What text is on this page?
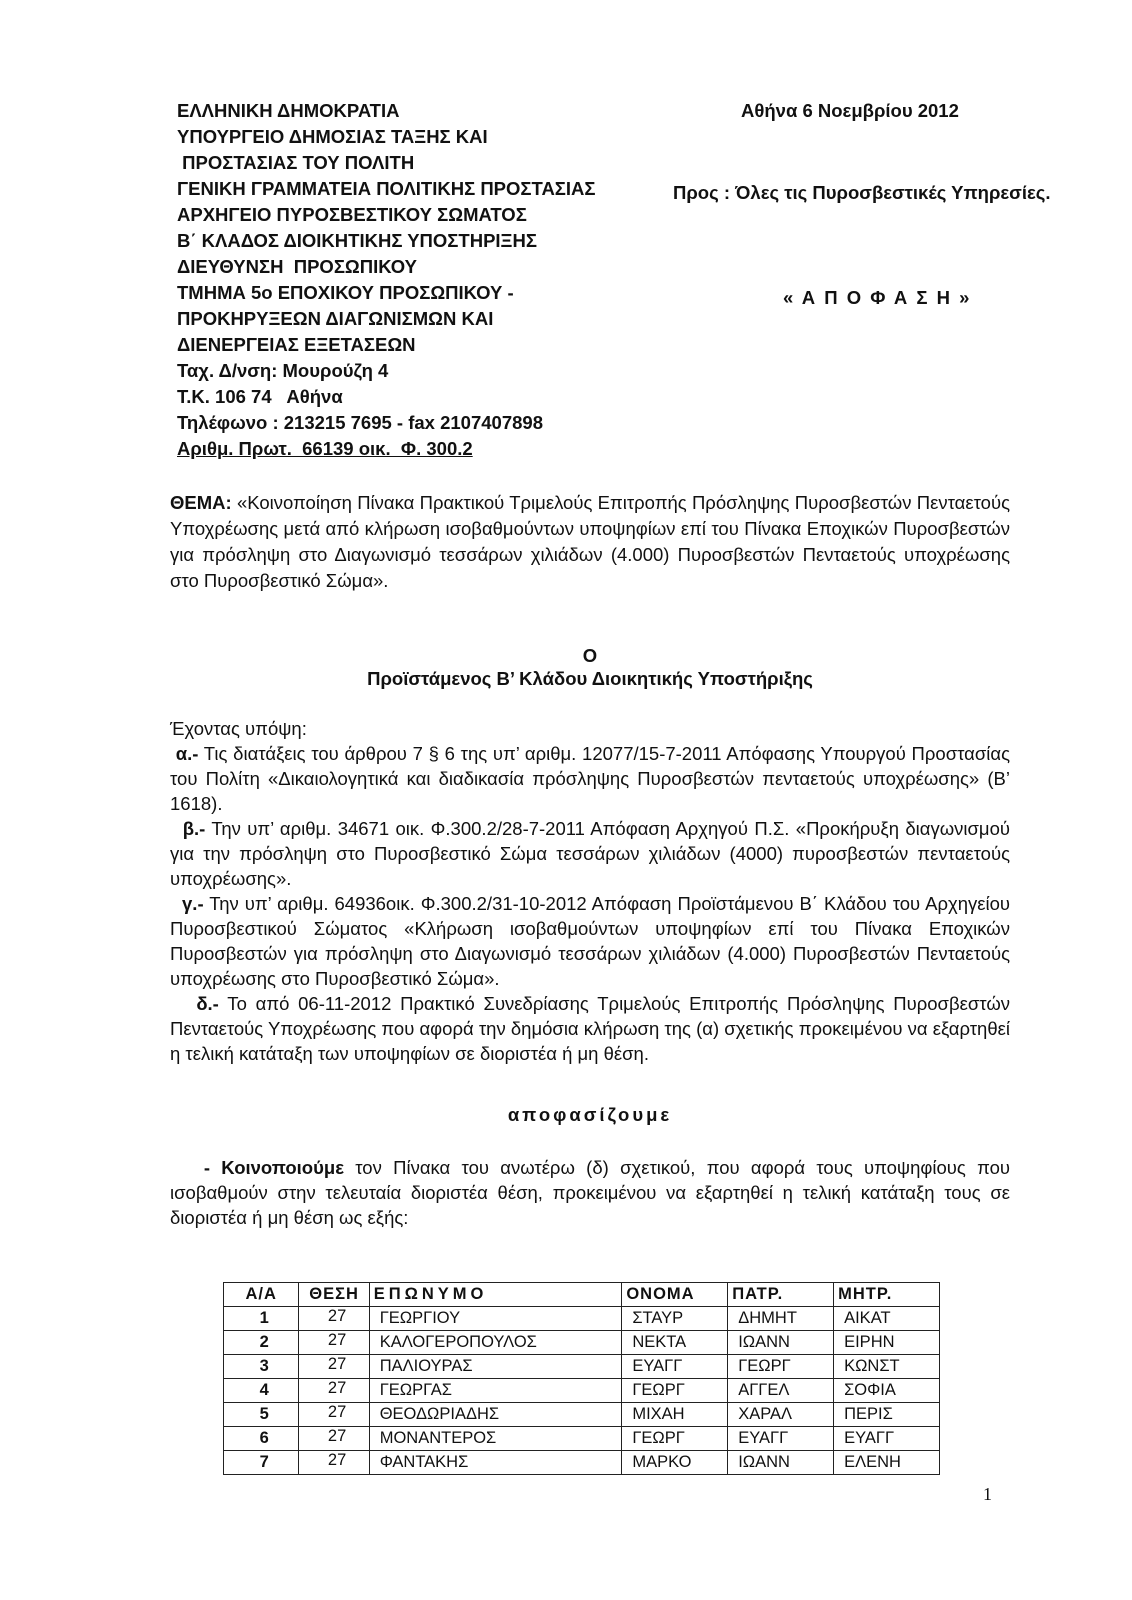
ΕΛΛΗΝΙΚΗ ΔΗΜΟΚΡΑΤΙΑ
ΥΠΟΥΡΓΕΙΟ ΔΗΜΟΣΙΑΣ ΤΑΞΗΣ ΚΑΙ
ΠΡΟΣΤΑΣΙΑΣ ΤΟΥ ΠΟΛΙΤΗ
ΓΕΝΙΚΗ ΓΡΑΜΜΑΤΕΙΑ ΠΟΛΙΤΙΚΗΣ ΠΡΟΣΤΑΣΙΑΣ
ΑΡΧΗΓΕΙΟ ΠΥΡΟΣΒΕΣΤΙΚΟΥ ΣΩΜΑΤΟΣ
Β΄ ΚΛΑΔΟΣ ΔΙΟΙΚΗΤΙΚΗΣ ΥΠΟΣΤΗΡΙΞΗΣ
ΔΙΕΥΘΥΝΣΗ  ΠΡΟΣΩΠΙΚΟΥ
ΤΜΗΜΑ 5ο ΕΠΟΧΙΚΟΥ ΠΡΟΣΩΠΙΚΟΥ -
ΠΡΟΚΗΡΥΞΕΩΝ ΔΙΑΓΩΝΙΣΜΩΝ ΚΑΙ
ΔΙΕΝΕΡΓΕΙΑΣ ΕΞΕΤΑΣΕΩΝ
Ταχ. Δ/νση: Μουρούζη 4
Τ.Κ. 106 74   Αθήνα
Τηλέφωνο : 213215 7695 - fax 2107407898
Αριθμ. Πρωτ.  66139 οικ.  Φ. 300.2
Αθήνα 6 Νοεμβρίου 2012
Προς : Όλες τις Πυροσβεστικές Υπηρεσίες.
« Α Π Ο Φ Α Σ Η »
ΘΕΜΑ: «Κοινοποίηση Πίνακα Πρακτικού Τριμελούς Επιτροπής Πρόσληψης Πυροσβεστών Πενταετούς Υποχρέωσης μετά από κλήρωση ισοβαθμούντων υποψηφίων επί του Πίνακα Εποχικών Πυροσβεστών για πρόσληψη στο Διαγωνισμό τεσσάρων χιλιάδων (4.000) Πυροσβεστών Πενταετούς υποχρέωσης στο Πυροσβεστικό Σώμα».
Ο
Προϊστάμενος Β’ Κλάδου Διοικητικής Υποστήριξης

Έχοντας υπόψη:

α.- Τις διατάξεις του άρθρου 7 § 6 της υπ’ αριθμ. 12077/15-7-2011 Απόφασης Υπουργού Προστασίας του Πολίτη «Δικαιολογητικά και διαδικασία πρόσληψης Πυροσβεστών πενταετούς υποχρέωσης» (Β’ 1618).

β.- Την υπ’ αριθμ. 34671 οικ. Φ.300.2/28-7-2011 Απόφαση Αρχηγού Π.Σ. «Προκήρυξη διαγωνισμού για την πρόσληψη στο Πυροσβεστικό Σώμα τεσσάρων χιλιάδων (4000) πυροσβεστών πενταετούς υποχρέωσης».

γ.- Την υπ’ αριθμ. 64936οικ. Φ.300.2/31-10-2012 Απόφαση Προϊστάμενου Β΄ Κλάδου του Αρχηγείου Πυροσβεστικού Σώματος «Κλήρωση ισοβαθμούντων υποψηφίων επί του Πίνακα Εποχικών Πυροσβεστών για πρόσληψη στο Διαγωνισμό τεσσάρων χιλιάδων (4.000) Πυροσβεστών Πενταετούς υποχρέωσης στο Πυροσβεστικό Σώμα».

δ.- Το από 06-11-2012 Πρακτικό Συνεδρίασης Τριμελούς Επιτροπής Πρόσληψης Πυροσβεστών Πενταετούς Υποχρέωσης που αφορά την δημόσια κλήρωση της (α) σχετικής προκειμένου να εξαρτηθεί η τελική κατάταξη των υποψηφίων σε διοριστέα ή μη θέση.

αποφασίζουμε

- Κοινοποιούμε τον Πίνακα του ανωτέρω (δ) σχετικού, που αφορά τους υποψηφίους που ισοβαθμούν στην τελευταία διοριστέα θέση, προκειμένου να εξαρτηθεί η τελική κατάταξη τους σε διοριστέα ή μη θέση ως εξής:

Α/Α	ΘΕΣΗ	ΕΠΩΝΥΜΟ	ΟΝΟΜΑ	ΠΑΤΡ.	ΜΗΤΡ.
1	27	ΓΕΩΡΓΙΟΥ	ΣΤΑΥΡ	ΔΗΜΗΤ	ΑΙΚΑΤ
2	27	ΚΑΛΟΓΕΡΟΠΟΥΛΟΣ	ΝΕΚΤΑ	ΙΩΑΝΝ	ΕΙΡΗΝ
3	27	ΠΑΛΙΟΥΡΑΣ	ΕΥΑΓΓ	ΓΕΩΡΓ	ΚΩΝΣΤ
4	27	ΓΕΩΡΓΑΣ	ΓΕΩΡΓ	ΑΓΓΕΛ	ΣΟΦΙΑ
5	27	ΘΕΟΔΩΡΙΑΔΗΣ	ΜΙΧΑΗ	ΧΑΡΑΛ	ΠΕΡΙΣ
6	27	ΜΟΝΑΝΤΕΡΟΣ	ΓΕΩΡΓ	ΕΥΑΓΓ	ΕΥΑΓΓ
7	27	ΦΑΝΤΑΚΗΣ	ΜΑΡΚΟ	ΙΩΑΝΝ	ΕΛΕΝΗ
1
